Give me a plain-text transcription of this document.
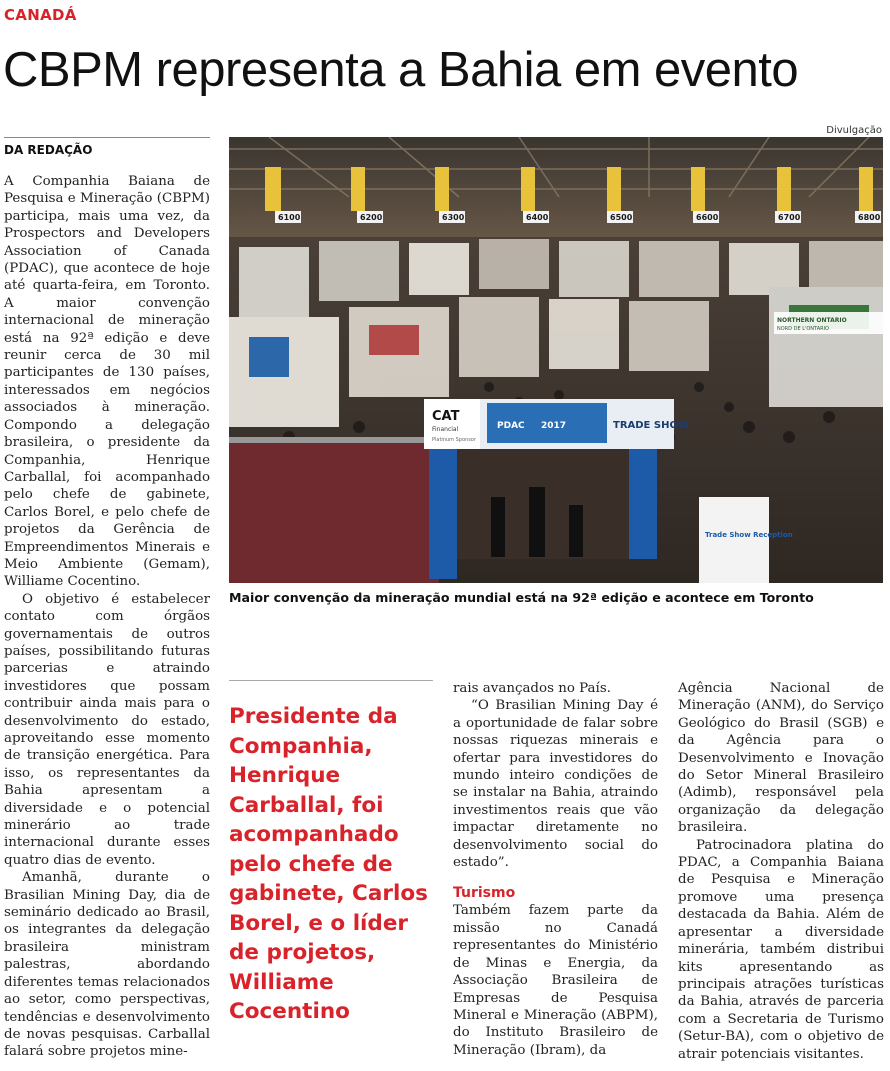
CANADÁ
CBPM representa a Bahia em evento
Divulgação
DA REDAÇÃO
6100	6200	6300	6400	6500	6600	6700	6800
CAT
Financial
Platinum Sponsor
PDAC 2017	TRADE SHOW
NORTHERN ONTARIO
NORD DE L'ONTARIO
Trade Show Reception
Maior convenção da mineração mundial está na 92ª edição e acontece em Toronto

A Companhia Baiana de Pesquisa e Mineração (CBPM) participa, mais uma vez, da Prospectors and Developers Association of Canada (PDAC), que acontece de hoje até quarta-feira, em Toronto. A maior convenção internacional de mineração está na 92ª edição e deve reunir cerca de 30 mil participantes de 130 países, interessados em negócios associados à mineração. Compondo a delegação brasileira, o presidente da Companhia, Henrique Carballal, foi acompanhado pelo chefe de gabinete, Carlos Borel, e pelo chefe de projetos da Gerência de Empreendimentos Minerais e Meio Ambiente (Gemam), Williame Cocentino.

O objetivo é estabelecer contato com órgãos governamentais de outros países, possibilitando futuras parcerias e atraindo investidores que possam contribuir ainda mais para o desenvolvimento do estado, aproveitando esse momento de transição energética. Para isso, os representantes da Bahia apresentam a diversidade e o potencial minerário ao trade internacional durante esses quatro dias de evento.

Amanhã, durante o Brasilian Mining Day, dia de seminário dedicado ao Brasil, os integrantes da delegação brasileira ministram palestras, abordando diferentes temas relacionados ao setor, como perspectivas, tendências e desenvolvimento de novas pesquisas. Carballal falará sobre projetos mine-

Presidente da Companhia, Henrique Carballal, foi acompanhado pelo chefe de gabinete, Carlos Borel, e o líder de projetos, Williame Cocentino

rais avançados no País.

“O Brasilian Mining Day é a oportunidade de falar sobre nossas riquezas minerais e ofertar para investidores do mundo inteiro condições de se instalar na Bahia, atraindo investimentos reais que vão impactar diretamente no desenvolvimento social do estado”.

Turismo

Também fazem parte da missão no Canadá representantes do Ministério de Minas e Energia, da Associação Brasileira de Empresas de Pesquisa Mineral e Mineração (ABPM), do Instituto Brasileiro de Mineração (Ibram), da

Agência Nacional de Mineração (ANM), do Serviço Geológico do Brasil (SGB) e da Agência para o Desenvolvimento e Inovação do Setor Mineral Brasileiro (Adimb), responsável pela organização da delegação brasileira.

Patrocinadora platina do PDAC, a Companhia Baiana de Pesquisa e Mineração promove uma presença destacada da Bahia. Além de apresentar a diversidade minerária, também distribui kits apresentando as principais atrações turísticas da Bahia, através de parceria com a Secretaria de Turismo (Setur-BA), com o objetivo de atrair potenciais visitantes.
